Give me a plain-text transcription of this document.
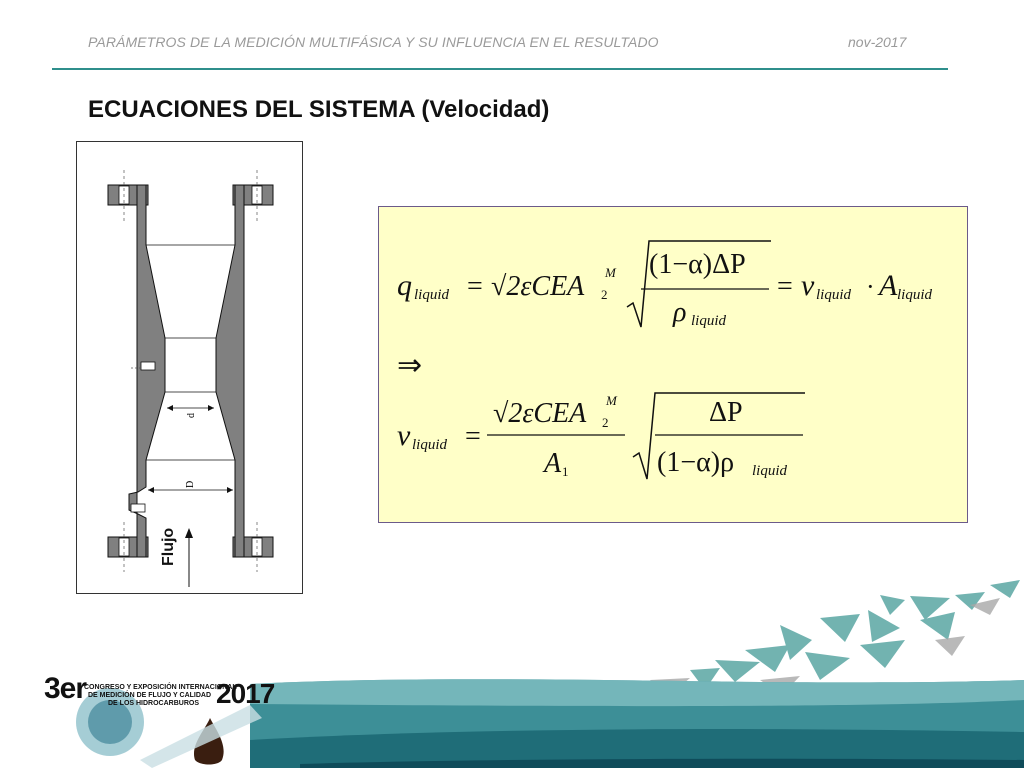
PARÁMETROS DE LA MEDICIÓN MULTIFÁSICA Y SU INFLUENCIA EN EL RESULTADO	nov-2017
ECUACIONES DEL SISTEMA (Velocidad)
d
D
Flujo
q liquid = √2εCEA M
2
(1−α)ΔP
ρ liquid
= v liquid · A liquid
⇒
v liquid =
√2εCEA M
2
A 1
ΔP
(1−α)ρ liquid
3er
CONGRESO Y EXPOSICIÓN INTERNACIONAL
DE MEDICIÓN DE FLUJO Y CALIDAD
DE LOS HIDROCARBUROS 2017
